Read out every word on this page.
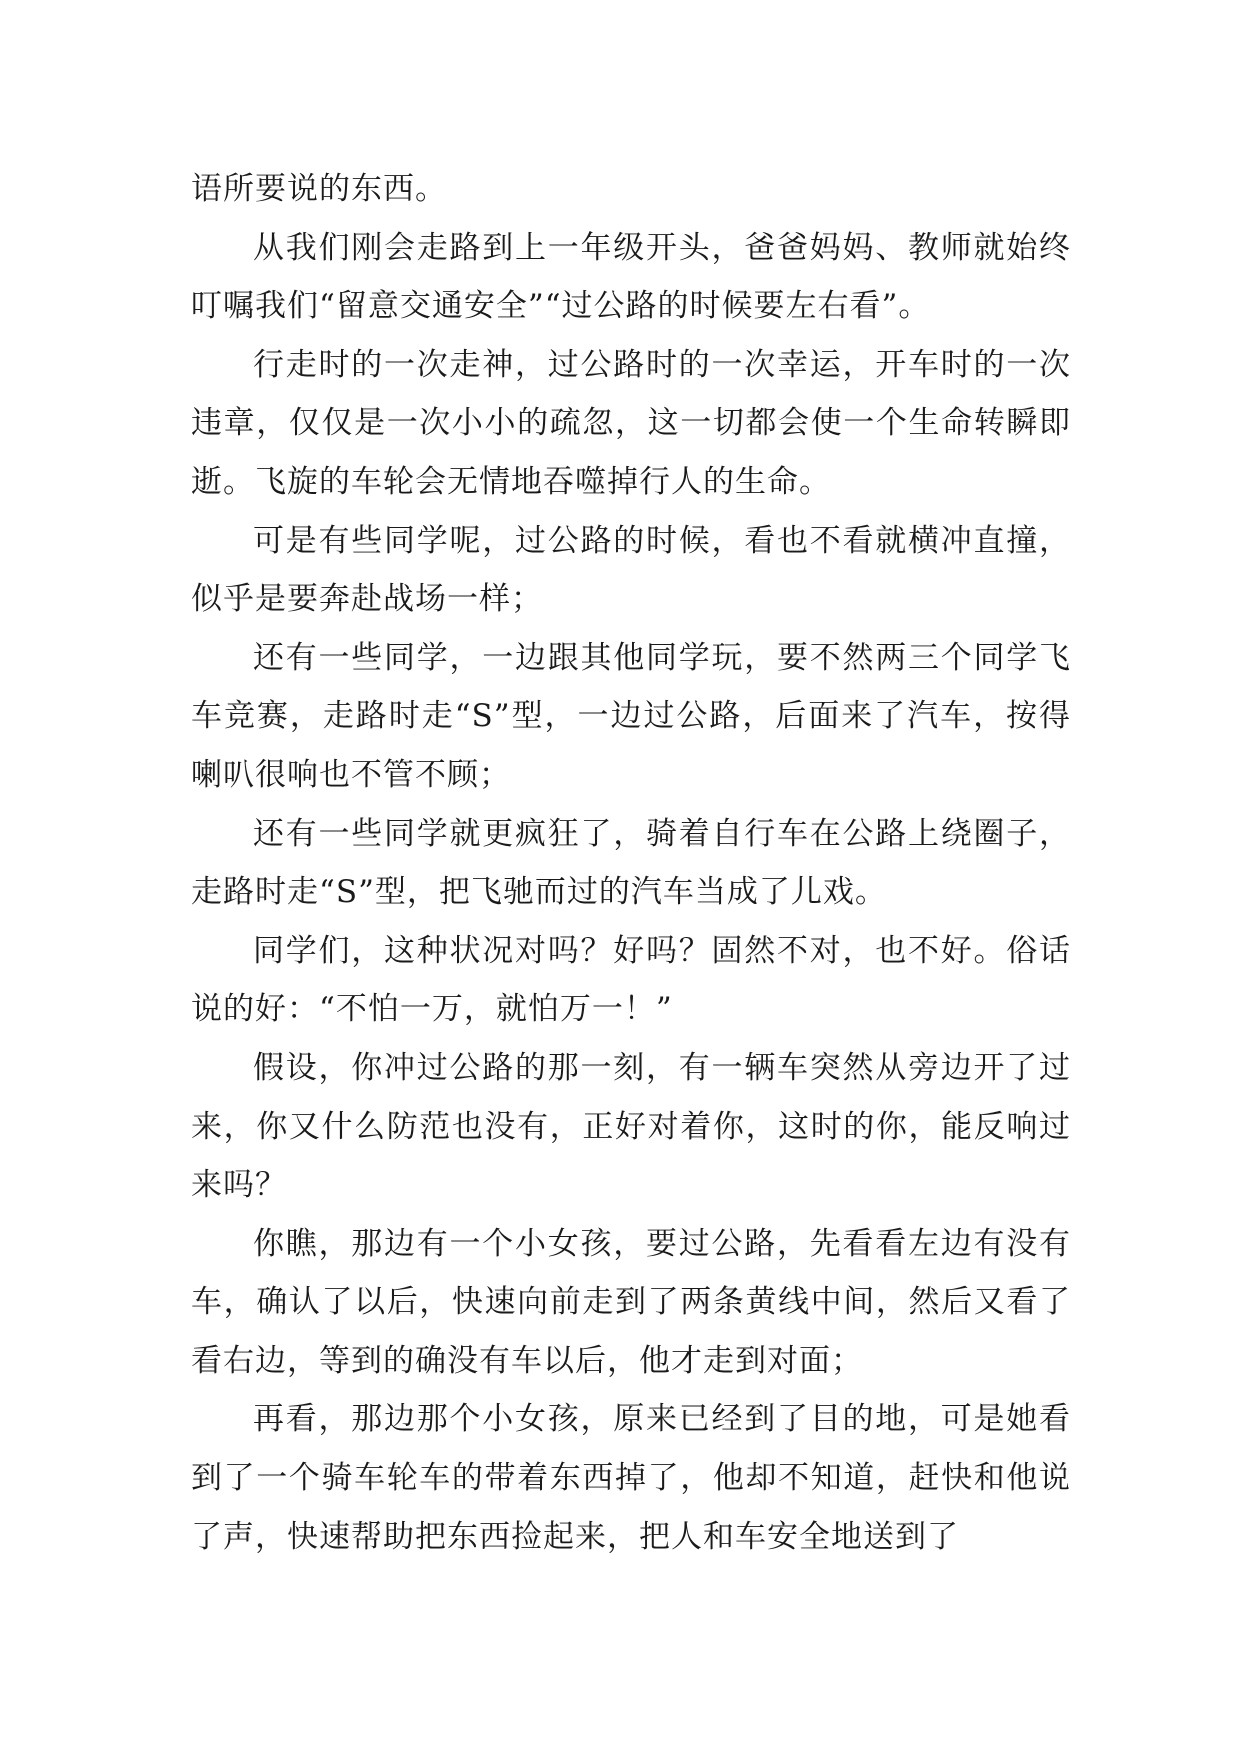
语所要说的东西。

从我们刚会走路到上一年级开头，爸爸妈妈、教师就始终叮嘱我们“留意交通安全”“过公路的时候要左右看”。

行走时的一次走神，过公路时的一次幸运，开车时的一次违章，仅仅是一次小小的疏忽，这一切都会使一个生命转瞬即逝。飞旋的车轮会无情地吞噬掉行人的生命。

可是有些同学呢，过公路的时候，看也不看就横冲直撞，似乎是要奔赴战场一样；

还有一些同学，一边跟其他同学玩，要不然两三个同学飞车竞赛，走路时走“S”型，一边过公路，后面来了汽车，按得喇叭很响也不管不顾；

还有一些同学就更疯狂了，骑着自行车在公路上绕圈子，走路时走“S”型，把飞驰而过的汽车当成了儿戏。

同学们，这种状况对吗？好吗？固然不对，也不好。俗话说的好：“不怕一万，就怕万一！”

假设，你冲过公路的那一刻，有一辆车突然从旁边开了过来，你又什么防范也没有，正好对着你，这时的你，能反响过来吗？

你瞧，那边有一个小女孩，要过公路，先看看左边有没有车，确认了以后，快速向前走到了两条黄线中间，然后又看了看右边，等到的确没有车以后，他才走到对面；

再看，那边那个小女孩，原来已经到了目的地，可是她看到了一个骑车轮车的带着东西掉了，他却不知道，赶快和他说了声，快速帮助把东西捡起来，把人和车安全地送到了
